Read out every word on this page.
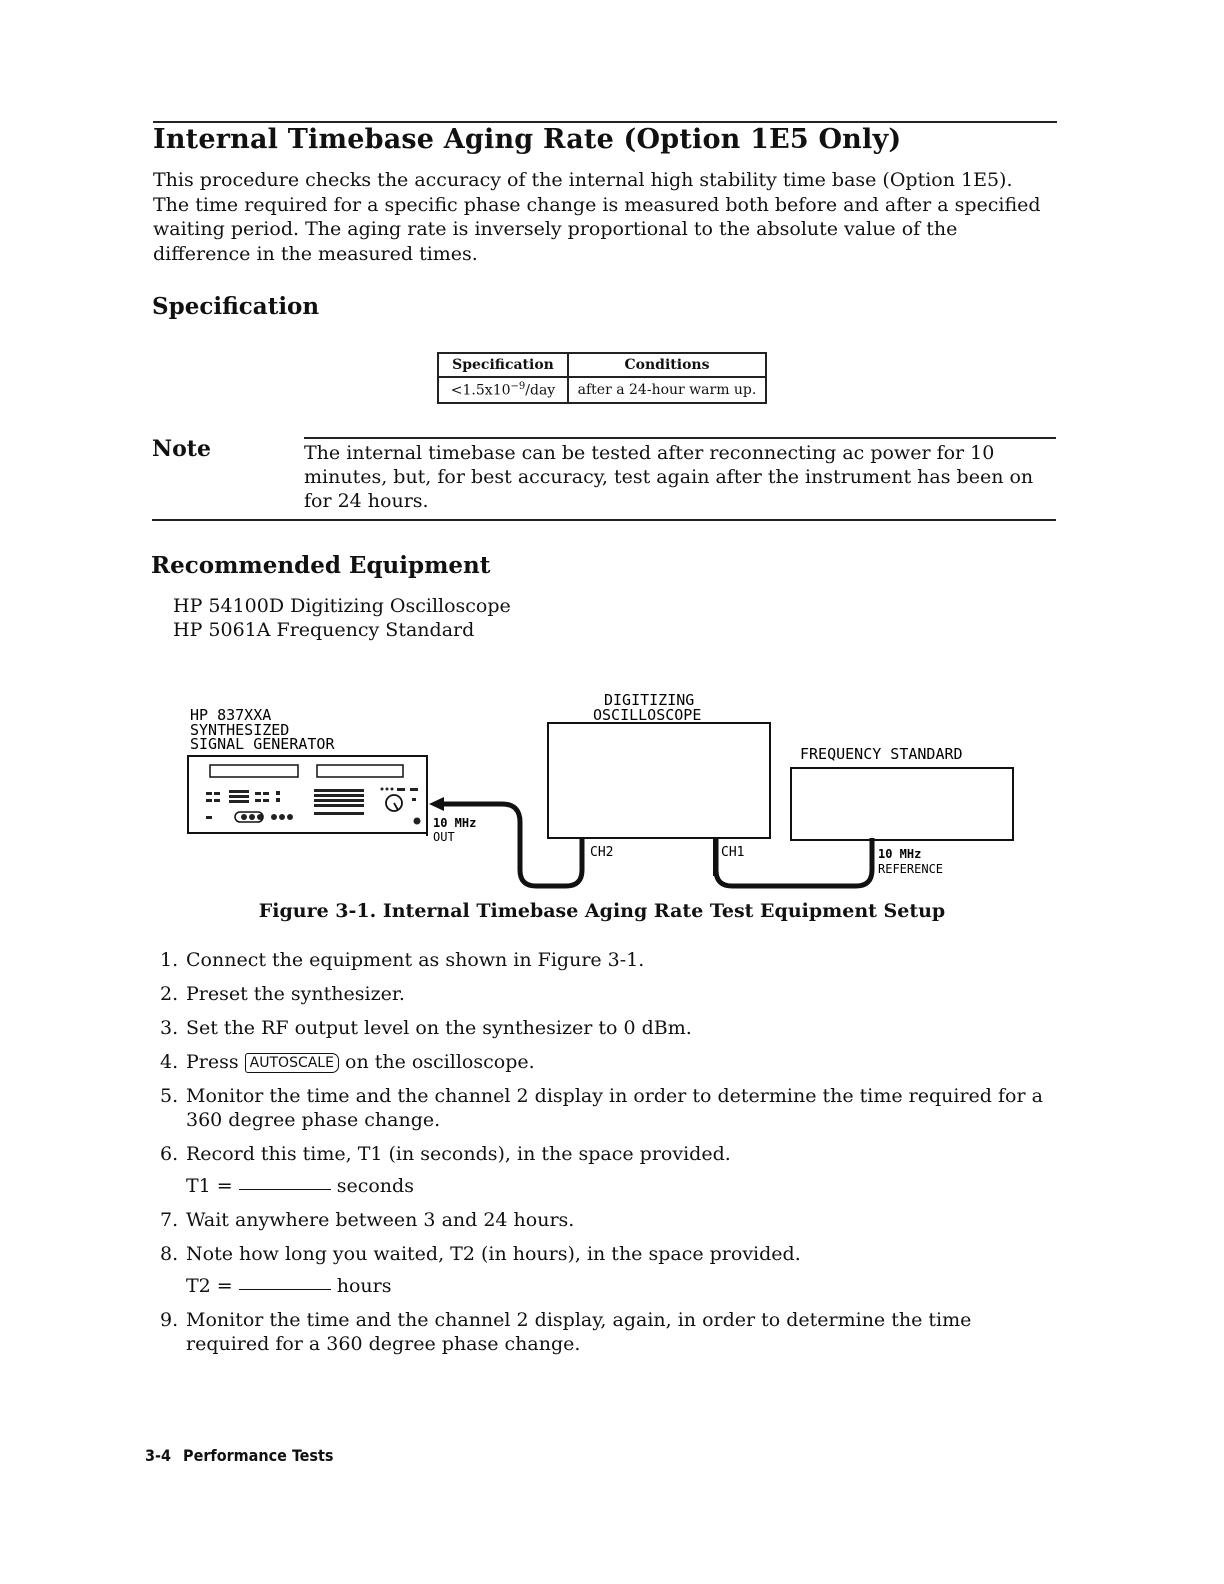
Internal Timebase Aging Rate (Option 1E5 Only)

This procedure checks the accuracy of the internal high stability time base (Option 1E5). The time required for a specific phase change is measured both before and after a specified waiting period. The aging rate is inversely proportional to the absolute value of the difference in the measured times.

Specification
Specification	Conditions
$<1.5x10^{-9}$/day	after a 24-hour warm up.
Note	The internal timebase can be tested after reconnecting ac power for 10 minutes, but, for best accuracy, test again after the instrument has been on for 24 hours.

Recommended Equipment
HP 54100D Digitizing Oscilloscope
HP 5061A Frequency Standard
HP 837XXA
SYNTHESIZED
SIGNAL GENERATOR
10 MHz
OUT
DIGITIZING
OSCILLOSCOPE
CH2	CH1
FREQUENCY STANDARD
10 MHz
REFERENCE
Figure 3-1. Internal Timebase Aging Rate Test Equipment Setup
1. Connect the equipment as shown in Figure 3-1.
2. Preset the synthesizer.
3. Set the RF output level on the synthesizer to 0 dBm.
4. Press AUTOSCALE on the oscilloscope.
5. Monitor the time and the channel 2 display in order to determine the time required for a 360 degree phase change.
6. Record this time, T1 (in seconds), in the space provided.
T1 =	seconds
7. Wait anywhere between 3 and 24 hours.
8. Note how long you waited, T2 (in hours), in the space provided.
T2 =	hours
9. Monitor the time and the channel 2 display, again, in order to determine the time required for a 360 degree phase change.
3-4 Performance Tests
